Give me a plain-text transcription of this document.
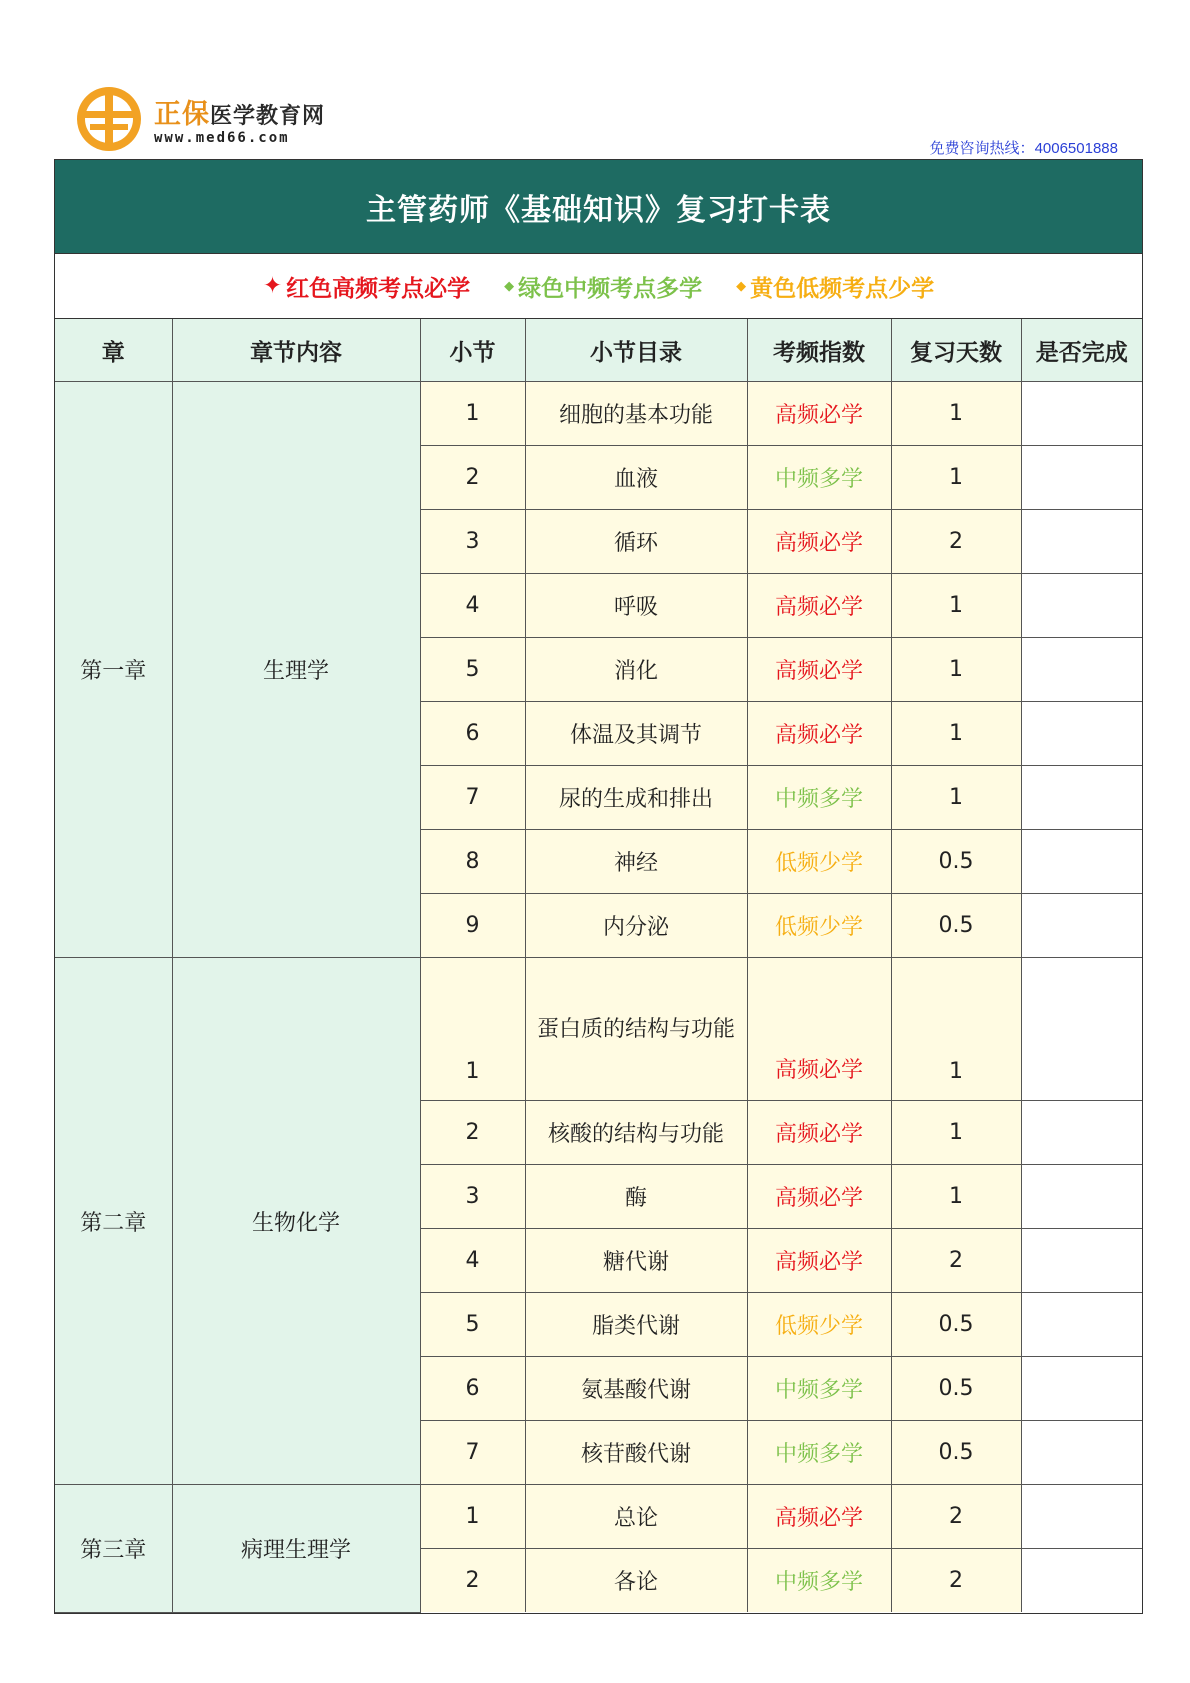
正保医学教育网
www.med66.com
免费咨询热线：4006501888
主管药师《基础知识》复习打卡表
✦ 红色高频考点必学	◆ 绿色中频考点多学	◆ 黄色低频考点少学
章	章节内容	小节	小节目录	考频指数	复习天数	是否完成
第一章	生理学	1	细胞的基本功能	高频必学	1	
		2	血液	中频多学	1	
		3	循环	高频必学	2	
		4	呼吸	高频必学	1	
		5	消化	高频必学	1	
		6	体温及其调节	高频必学	1	
		7	尿的生成和排出	中频多学	1	
		8	神经	低频少学	0.5	
		9	内分泌	低频少学	0.5	
第二章	生物化学	1	蛋白质的结构与功能	高频必学	1	
		2	核酸的结构与功能	高频必学	1	
		3	酶	高频必学	1	
		4	糖代谢	高频必学	2	
		5	脂类代谢	低频少学	0.5	
		6	氨基酸代谢	中频多学	0.5	
		7	核苷酸代谢	中频多学	0.5	
第三章	病理生理学	1	总论	高频必学	2	
		2	各论	中频多学	2	
